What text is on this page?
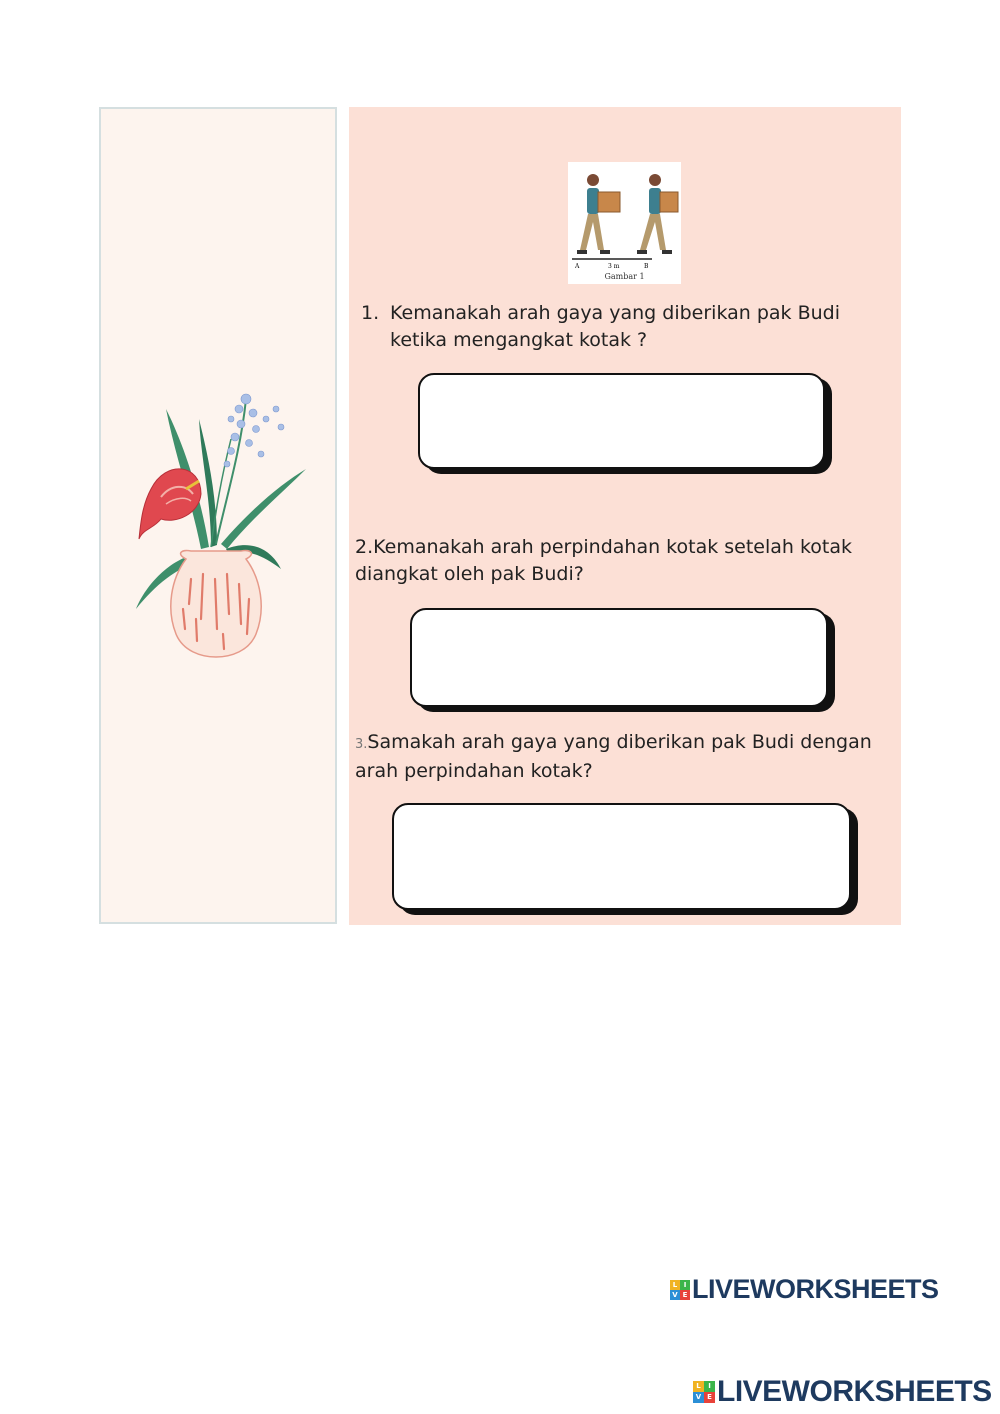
A	3 m	B
Gambar 1
1. Kemanakah arah gaya yang diberikan pak Budi ketika mengangkat kotak ?
2.Kemanakah arah perpindahan kotak setelah kotak diangkat oleh pak Budi?
3.Samakah arah gaya yang diberikan pak Budi dengan arah perpindahan kotak?
L I
V E LIVEWORKSHEETS
L	I
V E LIVEWORKSHEETS
